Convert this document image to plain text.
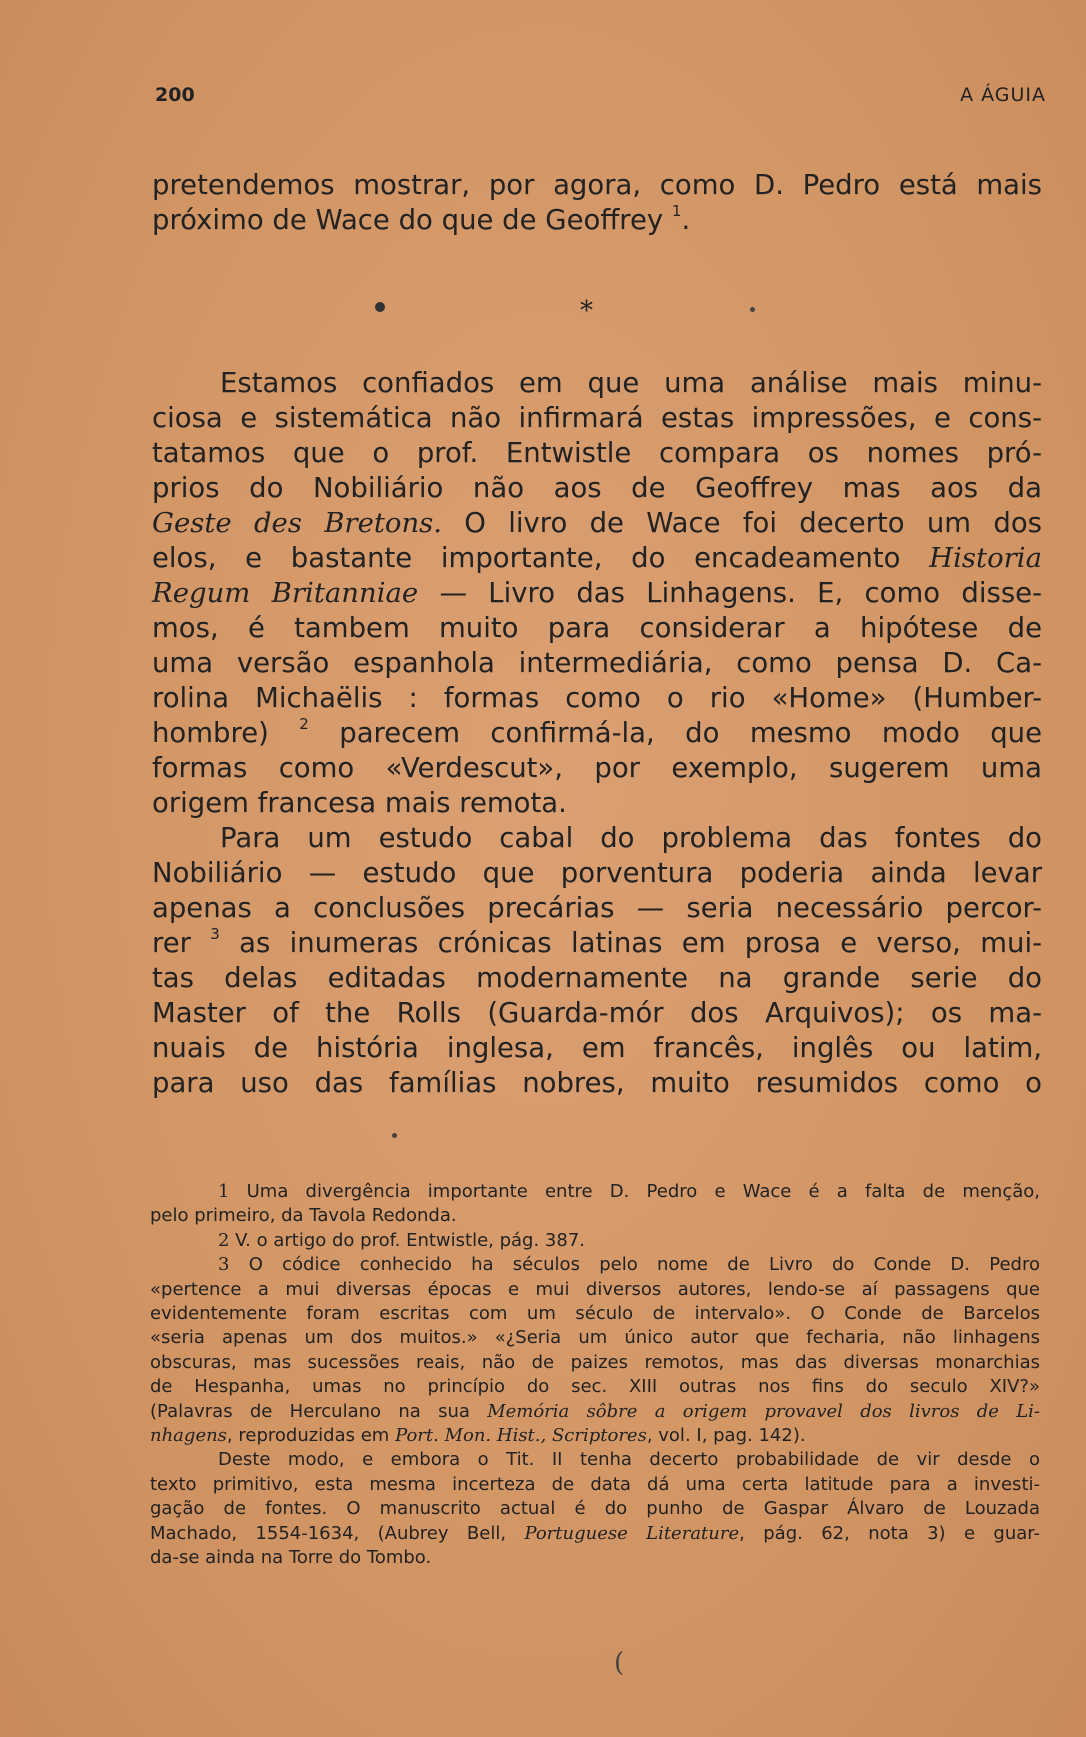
200	A ÁGUIA
pretendemos mostrar, por agora, como D. Pedro está mais
próximo de Wace do que de Geoffrey $^1$.
*
Estamos confiados em que uma análise mais minu-
ciosa e sistemática não infirmará estas impressões, e cons-
tatamos que o prof. Entwistle compara os nomes pró-
prios do Nobiliário não aos de Geoffrey mas aos da
Geste des Bretons. O livro de Wace foi decerto um dos
elos, e bastante importante, do encadeamento Historia
Regum Britanniae — Livro das Linhagens. E, como disse-
mos, é tambem muito para considerar a hipótese de
uma versão espanhola intermediária, como pensa D. Ca-
rolina Michaëlis : formas como o rio «Home» (Humber-
hombre) $^2$ parecem confirmá-la, do mesmo modo que
formas como «Verdescut», por exemplo, sugerem uma
origem francesa mais remota.
Para um estudo cabal do problema das fontes do
Nobiliário — estudo que porventura poderia ainda levar
apenas a conclusões precárias — seria necessário percor-
rer $^3$ as inumeras crónicas latinas em prosa e verso, mui-
tas delas editadas modernamente na grande serie do
Master of the Rolls (Guarda-mór dos Arquivos); os ma-
nuais de história inglesa, em francês, inglês ou latim,
para uso das famílias nobres, muito resumidos como o
1 Uma divergência importante entre D. Pedro e Wace é a falta de menção,
pelo primeiro, da Tavola Redonda.
2 V. o artigo do prof. Entwistle, pág. 387.
3 O códice conhecido ha séculos pelo nome de Livro do Conde D. Pedro
«pertence a mui diversas épocas e mui diversos autores, lendo-se aí passagens que
evidentemente foram escritas com um século de intervalo». O Conde de Barcelos
«seria apenas um dos muitos.» «¿Seria um único autor que fecharia, não linhagens
obscuras, mas sucessões reais, não de paizes remotos, mas das diversas monarchias
de Hespanha, umas no princípio do sec. XIII outras nos fins do seculo XIV?»
(Palavras de Herculano na sua Memória sôbre a origem provavel dos livros de Li-
nhagens, reproduzidas em Port. Mon. Hist., Scriptores, vol. I, pag. 142).
Deste modo, e embora o Tit. II tenha decerto probabilidade de vir desde o
texto primitivo, esta mesma incerteza de data dá uma certa latitude para a investi-
gação de fontes. O manuscrito actual é do punho de Gaspar Álvaro de Louzada
Machado, 1554-1634, (Aubrey Bell, Portuguese Literature, pág. 62, nota 3) e guar-
da-se ainda na Torre do Tombo.
(
